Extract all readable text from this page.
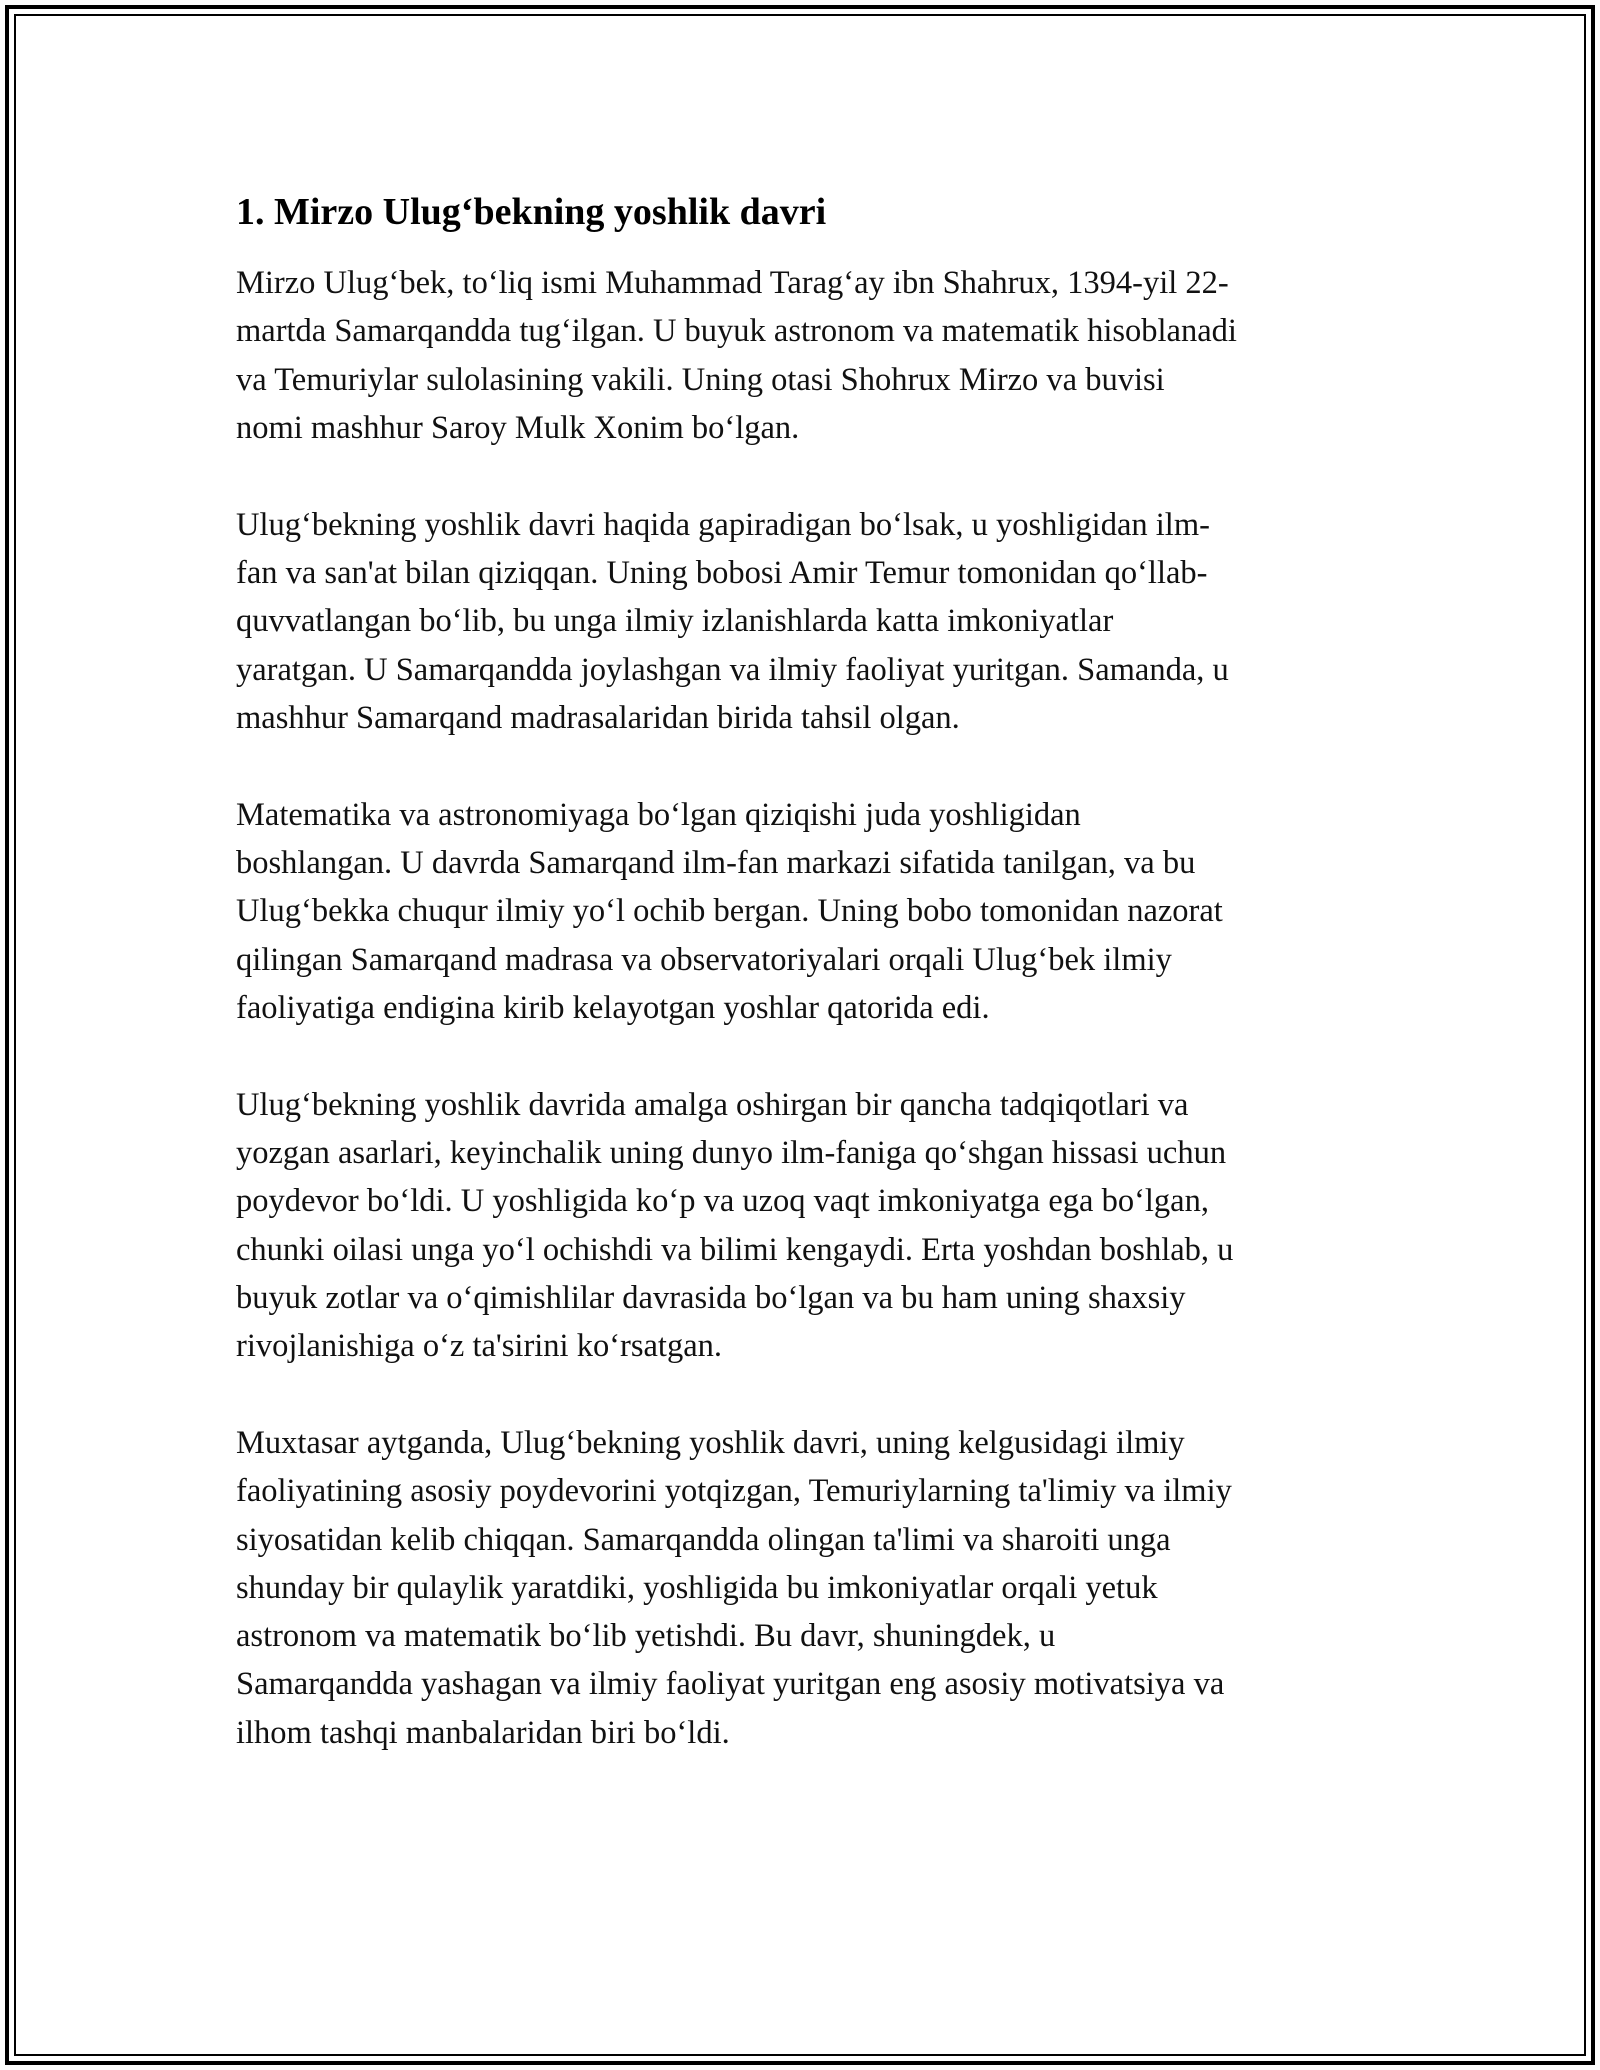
1. Mirzo Ulug‘bekning yoshlik davri

Mirzo Ulug‘bek, to‘liq ismi Muhammad Tarag‘ay ibn Shahrux, 1394-yil 22-
martda Samarqandda tug‘ilgan. U buyuk astronom va matematik hisoblanadi
va Temuriylar sulolasining vakili. Uning otasi Shohrux Mirzo va buvisi
nomi mashhur Saroy Mulk Xonim bo‘lgan.

Ulug‘bekning yoshlik davri haqida gapiradigan bo‘lsak, u yoshligidan ilm-
fan va san'at bilan qiziqqan. Uning bobosi Amir Temur tomonidan qo‘llab-
quvvatlangan bo‘lib, bu unga ilmiy izlanishlarda katta imkoniyatlar
yaratgan. U Samarqandda joylashgan va ilmiy faoliyat yuritgan. Samanda, u
mashhur Samarqand madrasalaridan birida tahsil olgan.

Matematika va astronomiyaga bo‘lgan qiziqishi juda yoshligidan
boshlangan. U davrda Samarqand ilm-fan markazi sifatida tanilgan, va bu
Ulug‘bekka chuqur ilmiy yo‘l ochib bergan. Uning bobo tomonidan nazorat
qilingan Samarqand madrasa va observatoriyalari orqali Ulug‘bek ilmiy
faoliyatiga endigina kirib kelayotgan yoshlar qatorida edi.

Ulug‘bekning yoshlik davrida amalga oshirgan bir qancha tadqiqotlari va
yozgan asarlari, keyinchalik uning dunyo ilm-faniga qo‘shgan hissasi uchun
poydevor bo‘ldi. U yoshligida ko‘p va uzoq vaqt imkoniyatga ega bo‘lgan,
chunki oilasi unga yo‘l ochishdi va bilimi kengaydi. Erta yoshdan boshlab, u
buyuk zotlar va o‘qimishlilar davrasida bo‘lgan va bu ham uning shaxsiy
rivojlanishiga o‘z ta'sirini ko‘rsatgan.

Muxtasar aytganda, Ulug‘bekning yoshlik davri, uning kelgusidagi ilmiy
faoliyatining asosiy poydevorini yotqizgan, Temuriylarning ta'limiy va ilmiy
siyosatidan kelib chiqqan. Samarqandda olingan ta'limi va sharoiti unga
shunday bir qulaylik yaratdiki, yoshligida bu imkoniyatlar orqali yetuk
astronom va matematik bo‘lib yetishdi. Bu davr, shuningdek, u
Samarqandda yashagan va ilmiy faoliyat yuritgan eng asosiy motivatsiya va
ilhom tashqi manbalaridan biri bo‘ldi.
